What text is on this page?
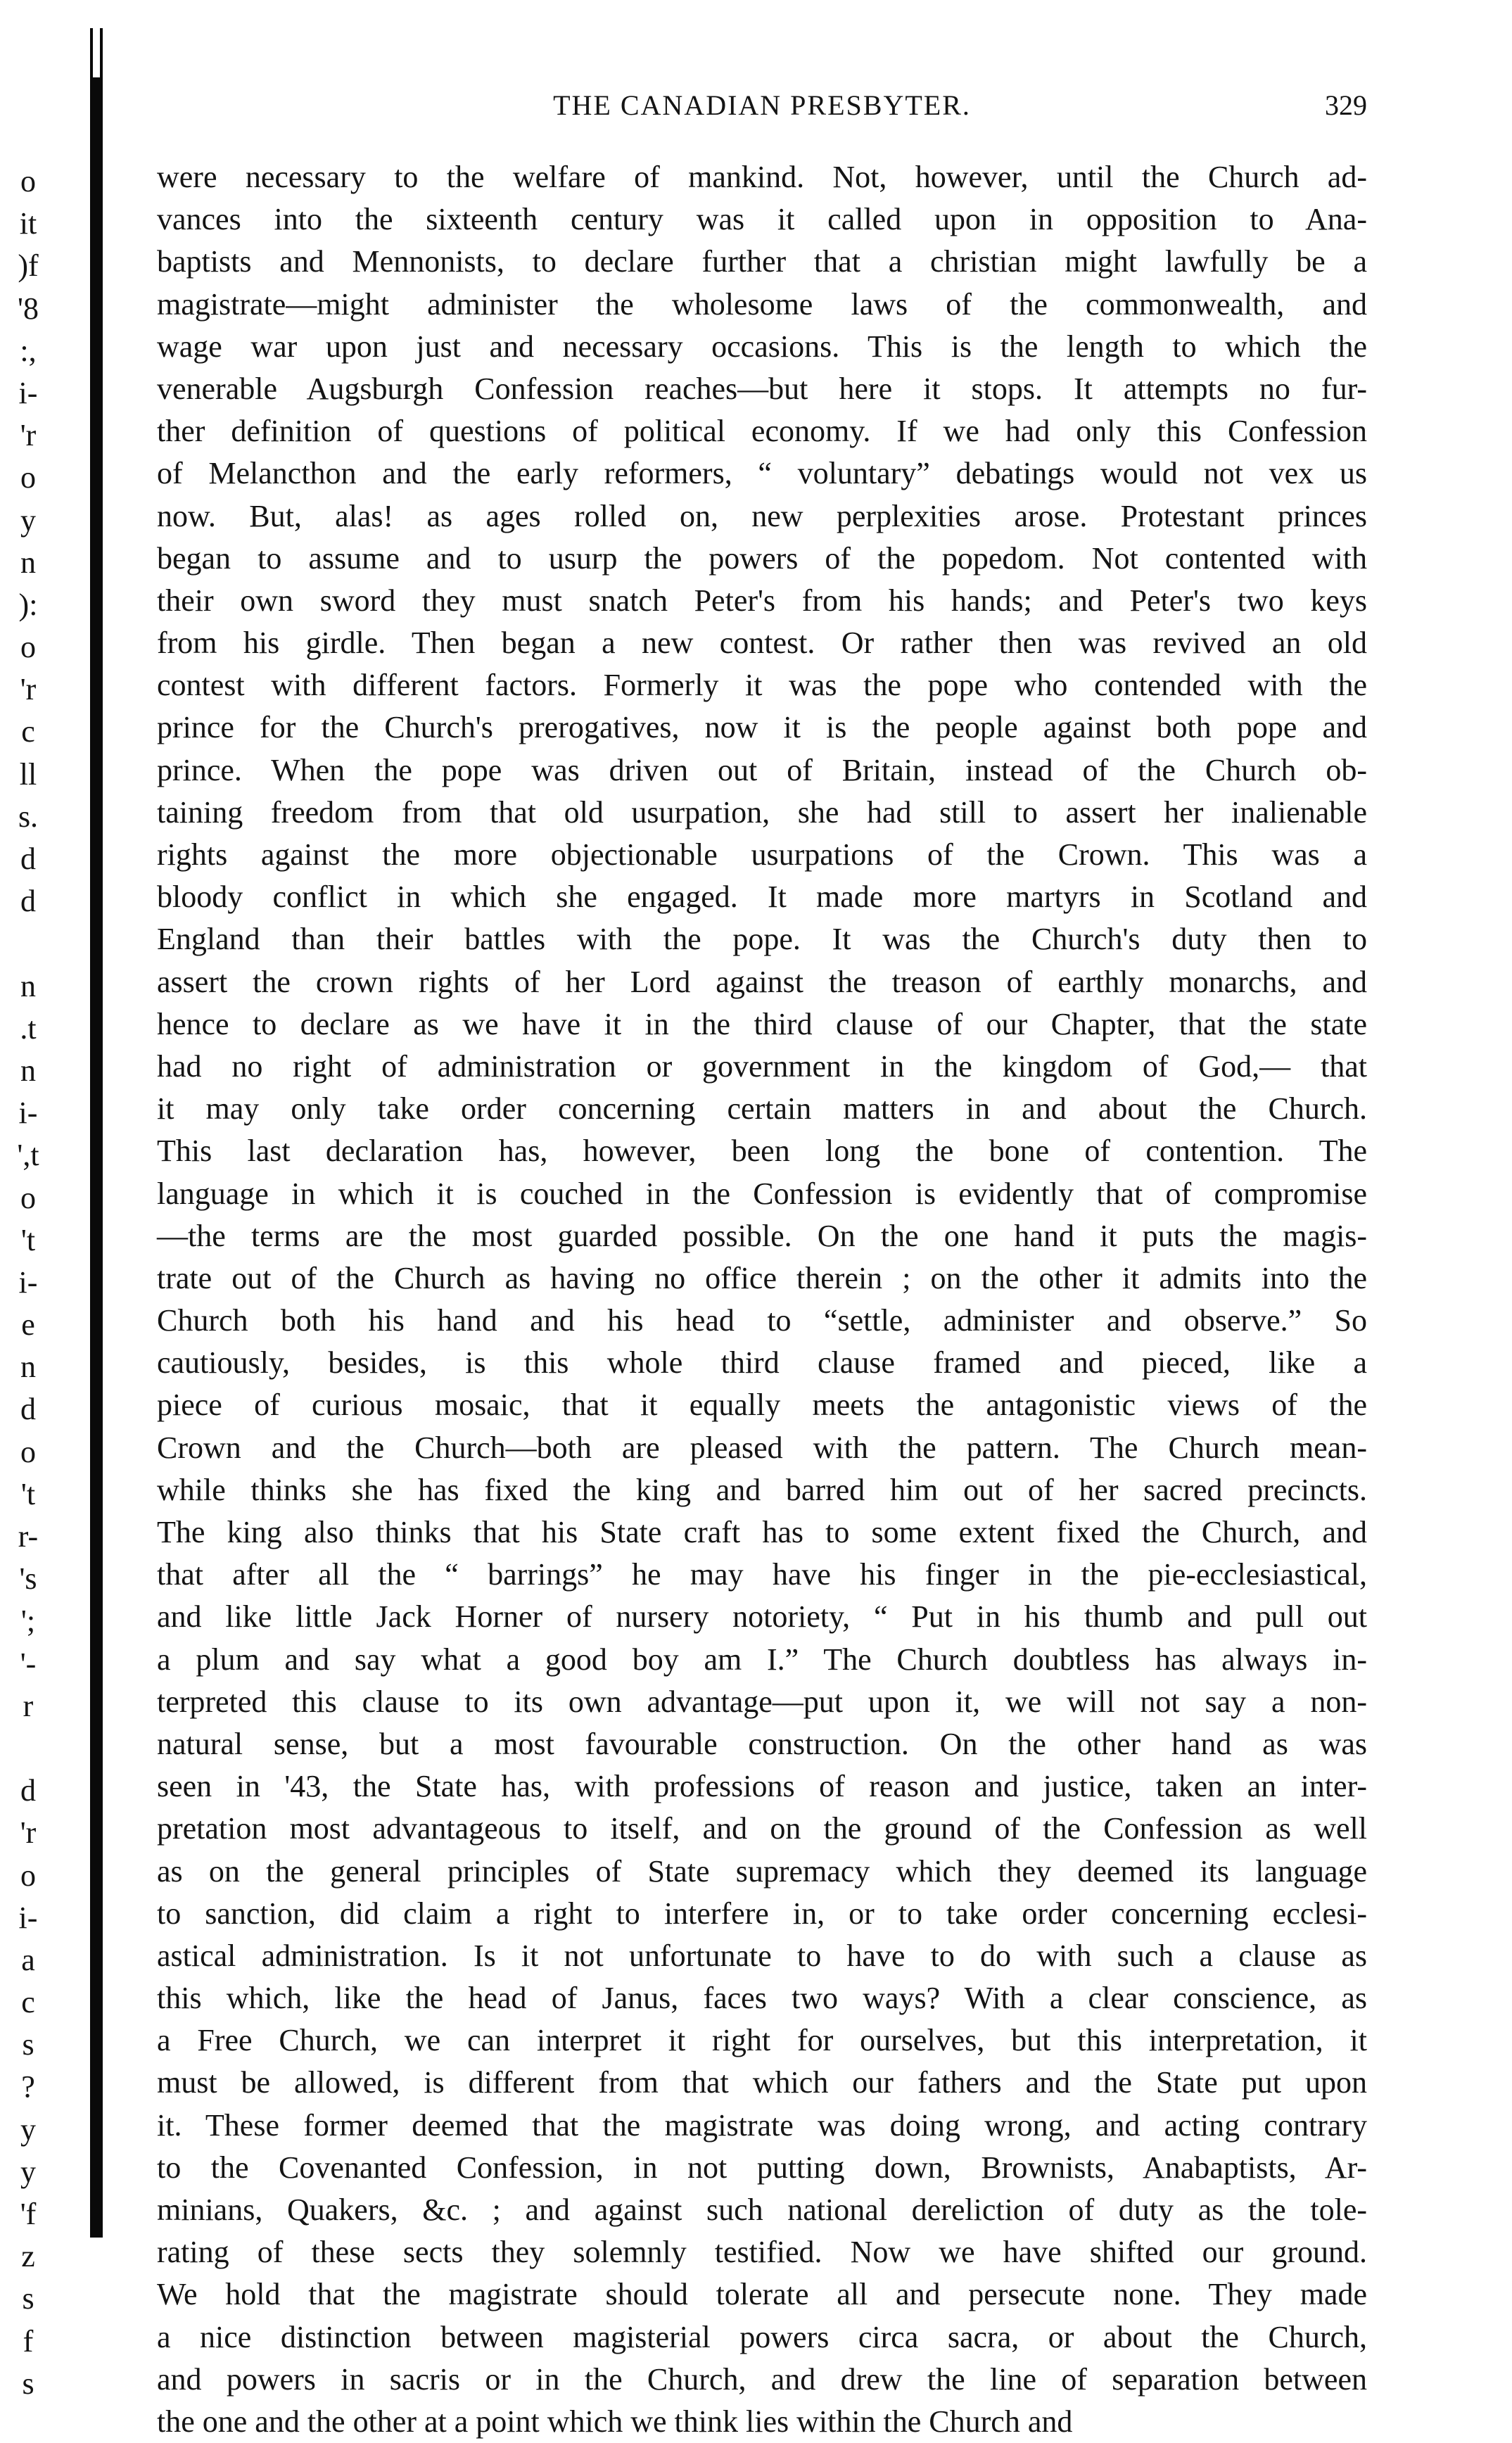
o
it
)f
'8
:,
i-
'r
o
y
n
):
o
'r
c
ll
s.
d
d
n
.t
n
i-
',t
o
't
i-
e
n
d
o
't
r-
's
';
'-
r
d
'r
o
i-
a
c
s
?
y
y
'f
z
s
f
s
THE CANADIAN PRESBYTER.	329
were necessary to the welfare of mankind. Not, however, until the Church ad-
vances into the sixteenth century was it called upon in opposition to Ana-
baptists and Mennonists, to declare further that a christian might lawfully be a
magistrate—might administer the wholesome laws of the commonwealth, and
wage war upon just and necessary occasions. This is the length to which the
venerable Augsburgh Confession reaches—but here it stops. It attempts no fur-
ther definition of questions of political economy. If we had only this Confession
of Melancthon and the early reformers, “ voluntary” debatings would not vex us
now. But, alas! as ages rolled on, new perplexities arose. Protestant princes
began to assume and to usurp the powers of the popedom. Not contented with
their own sword they must snatch Peter's from his hands; and Peter's two keys
from his girdle. Then began a new contest. Or rather then was revived an old
contest with different factors. Formerly it was the pope who contended with the
prince for the Church's prerogatives, now it is the people against both pope and
prince. When the pope was driven out of Britain, instead of the Church ob-
taining freedom from that old usurpation, she had still to assert her inalienable
rights against the more objectionable usurpations of the Crown. This was a
bloody conflict in which she engaged. It made more martyrs in Scotland and
England than their battles with the pope. It was the Church's duty then to
assert the crown rights of her Lord against the treason of earthly monarchs, and
hence to declare as we have it in the third clause of our Chapter, that the state
had no right of administration or government in the kingdom of God,— that
it may only take order concerning certain matters in and about the Church.
This last declaration has, however, been long the bone of contention. The
language in which it is couched in the Confession is evidently that of compromise
—the terms are the most guarded possible. On the one hand it puts the magis-
trate out of the Church as having no office therein ; on the other it admits into the
Church both his hand and his head to “settle, administer and observe.” So
cautiously, besides, is this whole third clause framed and pieced, like a
piece of curious mosaic, that it equally meets the antagonistic views of the
Crown and the Church—both are pleased with the pattern. The Church mean-
while thinks she has fixed the king and barred him out of her sacred precincts.
The king also thinks that his State craft has to some extent fixed the Church, and
that after all the “ barrings” he may have his finger in the pie-ecclesiastical,
and like little Jack Horner of nursery notoriety, “ Put in his thumb and pull out
a plum and say what a good boy am I.” The Church doubtless has always in-
terpreted this clause to its own advantage—put upon it, we will not say a non-
natural sense, but a most favourable construction. On the other hand as was
seen in '43, the State has, with professions of reason and justice, taken an inter-
pretation most advantageous to itself, and on the ground of the Confession as well
as on the general principles of State supremacy which they deemed its language
to sanction, did claim a right to interfere in, or to take order concerning ecclesi-
astical administration. Is it not unfortunate to have to do with such a clause as
this which, like the head of Janus, faces two ways? With a clear conscience, as
a Free Church, we can interpret it right for ourselves, but this interpretation, it
must be allowed, is different from that which our fathers and the State put upon
it. These former deemed that the magistrate was doing wrong, and acting contrary
to the Covenanted Confession, in not putting down, Brownists, Anabaptists, Ar-
minians, Quakers, &c. ; and against such national dereliction of duty as the tole-
rating of these sects they solemnly testified. Now we have shifted our ground.
We hold that the magistrate should tolerate all and persecute none. They made
a nice distinction between magisterial powers circa sacra, or about the Church,
and powers in sacris or in the Church, and drew the line of separation between
the one and the other at a point which we think lies within the Church and
